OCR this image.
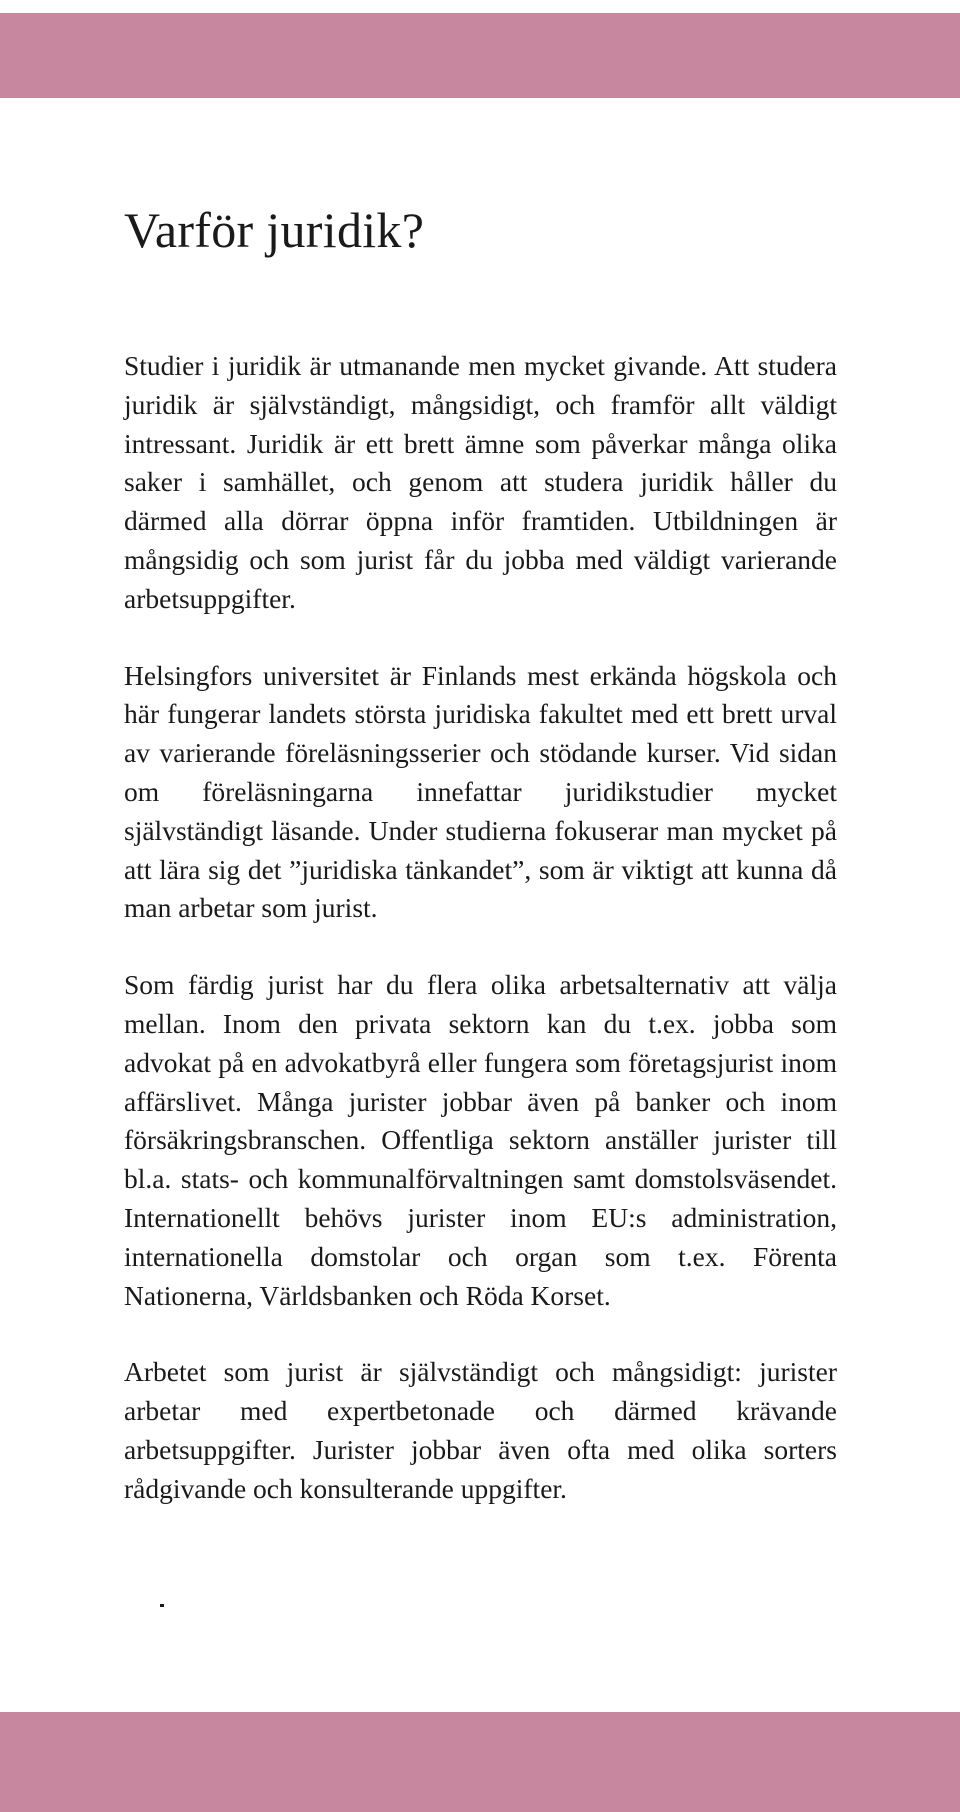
Varför juridik?

Studier i juridik är utmanande men mycket givande. Att studera juridik är självständigt, mångsidigt, och framför allt väldigt intressant. Juridik är ett brett ämne som påverkar många olika saker i samhället, och genom att studera juridik håller du därmed alla dörrar öppna inför framtiden. Utbildningen är mångsidig och som jurist får du jobba med väldigt varierande arbetsuppgifter.

Helsingfors universitet är Finlands mest erkända högskola och här fungerar landets största juridiska fakultet med ett brett urval av varierande föreläsningsserier och stödande kurser. Vid sidan om föreläsningarna innefattar juridikstudier mycket självständigt läsande. Under studierna fokuserar man mycket på att lära sig det ”juridiska tänkandet”, som är viktigt att kunna då man arbetar som jurist.

Som färdig jurist har du flera olika arbetsalternativ att välja mellan. Inom den privata sektorn kan du t.ex. jobba som advokat på en advokatbyrå eller fungera som företagsjurist inom affärslivet. Många jurister jobbar även på banker och inom försäkringsbranschen. Offentliga sektorn anställer jurister till bl.a. stats- och kommunalförvaltningen samt domstolsväsendet. Internationellt behövs jurister inom EU:s administration, internationella domstolar och organ som t.ex. Förenta Nationerna, Världsbanken och Röda Korset.

Arbetet som jurist är självständigt och mångsidigt: jurister arbetar med expertbetonade och därmed krävande arbetsuppgifter. Jurister jobbar även ofta med olika sorters rådgivande och konsulterande uppgifter.
